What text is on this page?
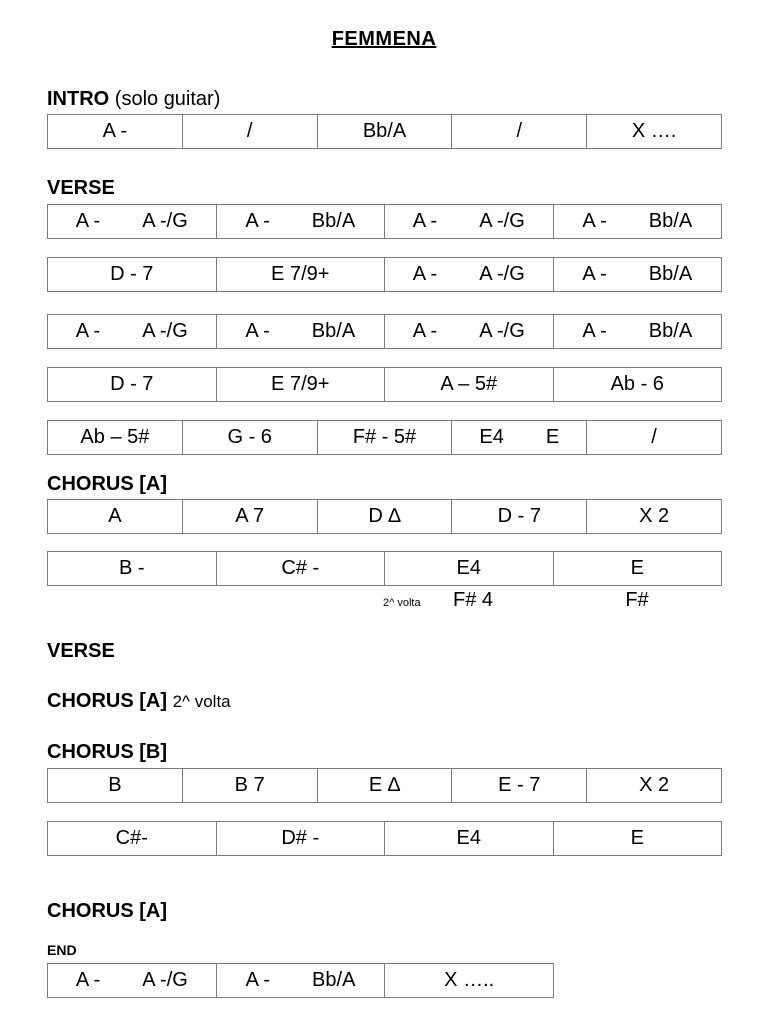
FEMMENA
INTRO (solo guitar)
A -	/	Bb/A	/	X ….
VERSE
A - A -/G	A - Bb/A	A - A -/G	A - Bb/A
D - 7	E 7/9+	A - A -/G	A - Bb/A
A - A -/G	A - Bb/A	A - A -/G	A - Bb/A
D - 7	E 7/9+	A – 5#	Ab - 6
Ab – 5#	G - 6	F# - 5#	E4 E	/
CHORUS [A]
A	A 7	D ∆	D - 7	X 2
B -	C# -	E4	E
2^ volta	F# 4	F#
VERSE
CHORUS [A] 2^ volta
CHORUS [B]
B	B 7	E ∆	E - 7	X 2
C#-	D# -	E4	E
CHORUS [A]
END
A - A -/G	A - Bb/A	X …..
